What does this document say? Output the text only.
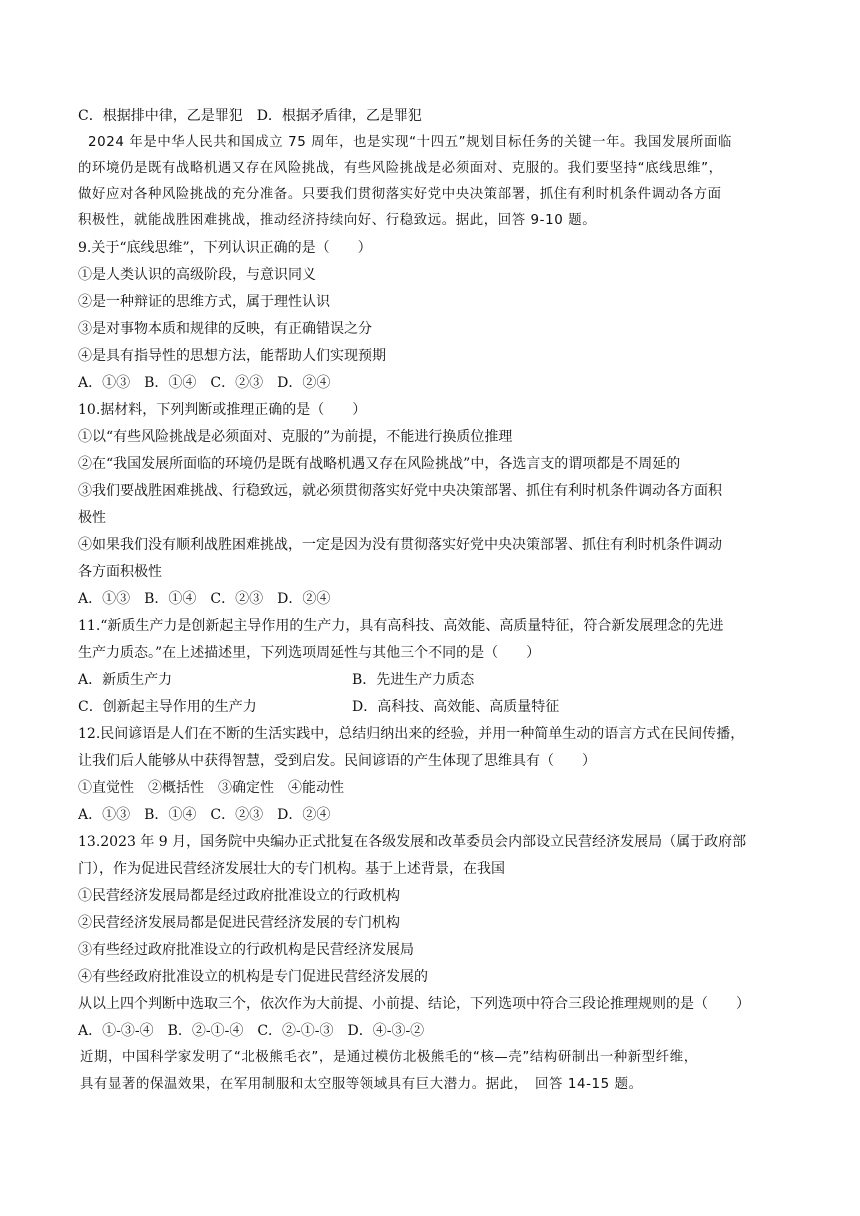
C．根据排中律，乙是罪犯　D．根据矛盾律，乙是罪犯
2024 年是中华人民共和国成立 75 周年，也是实现“十四五”规划目标任务的关键一年。我国发展所面临
的环境仍是既有战略机遇又存在风险挑战，有些风险挑战是必须面对、克服的。我们要坚持“底线思维”，
做好应对各种风险挑战的充分准备。只要我们贯彻落实好党中央决策部署，抓住有利时机条件调动各方面
积极性，就能战胜困难挑战，推动经济持续向好、行稳致远。据此，回答 9-10 题。
9.关于“底线思维”，下列认识正确的是（　　）
①是人类认识的高级阶段，与意识同义
②是一种辩证的思维方式，属于理性认识
③是对事物本质和规律的反映，有正确错误之分
④是具有指导性的思想方法，能帮助人们实现预期
A．①③　B．①④　C．②③　D．②④
10.据材料，下列判断或推理正确的是（　　）
①以“有些风险挑战是必须面对、克服的”为前提，不能进行换质位推理
②在“我国发展所面临的环境仍是既有战略机遇又存在风险挑战”中，各选言支的谓项都是不周延的
③我们要战胜困难挑战、行稳致远，就必须贯彻落实好党中央决策部署、抓住有利时机条件调动各方面积
极性
④如果我们没有顺利战胜困难挑战，一定是因为没有贯彻落实好党中央决策部署、抓住有利时机条件调动
各方面积极性
A．①③　B．①④　C．②③　D．②④
11.“新质生产力是创新起主导作用的生产力，具有高科技、高效能、高质量特征，符合新发展理念的先进
生产力质态。”在上述描述里，下列选项周延性与其他三个不同的是（　　）
A．新质生产力	B．先进生产力质态
C．创新起主导作用的生产力	D．高科技、高效能、高质量特征
12.民间谚语是人们在不断的生活实践中，总结归纳出来的经验，并用一种简单生动的语言方式在民间传播，
让我们后人能够从中获得智慧，受到启发。民间谚语的产生体现了思维具有（　　）
①直觉性　②概括性　③确定性　④能动性
A．①③　B．①④　C．②③　D．②④
13.2023 年 9 月，国务院中央编办正式批复在各级发展和改革委员会内部设立民营经济发展局（属于政府部
门），作为促进民营经济发展壮大的专门机构。基于上述背景，在我国
①民营经济发展局都是经过政府批准设立的行政机构
②民营经济发展局都是促进民营经济发展的专门机构
③有些经过政府批准设立的行政机构是民营经济发展局
④有些经政府批准设立的机构是专门促进民营经济发展的
从以上四个判断中选取三个，依次作为大前提、小前提、结论，下列选项中符合三段论推理规则的是（　　）
A．①-③-④　B．②-①-④　C．②-①-③　D．④-③-②
近期，中国科学家发明了“北极熊毛衣”，是通过模仿北极熊毛的“核—壳”结构研制出一种新型纤维，
具有显著的保温效果，在军用制服和太空服等领域具有巨大潜力。据此，　回答 14-15 题。
